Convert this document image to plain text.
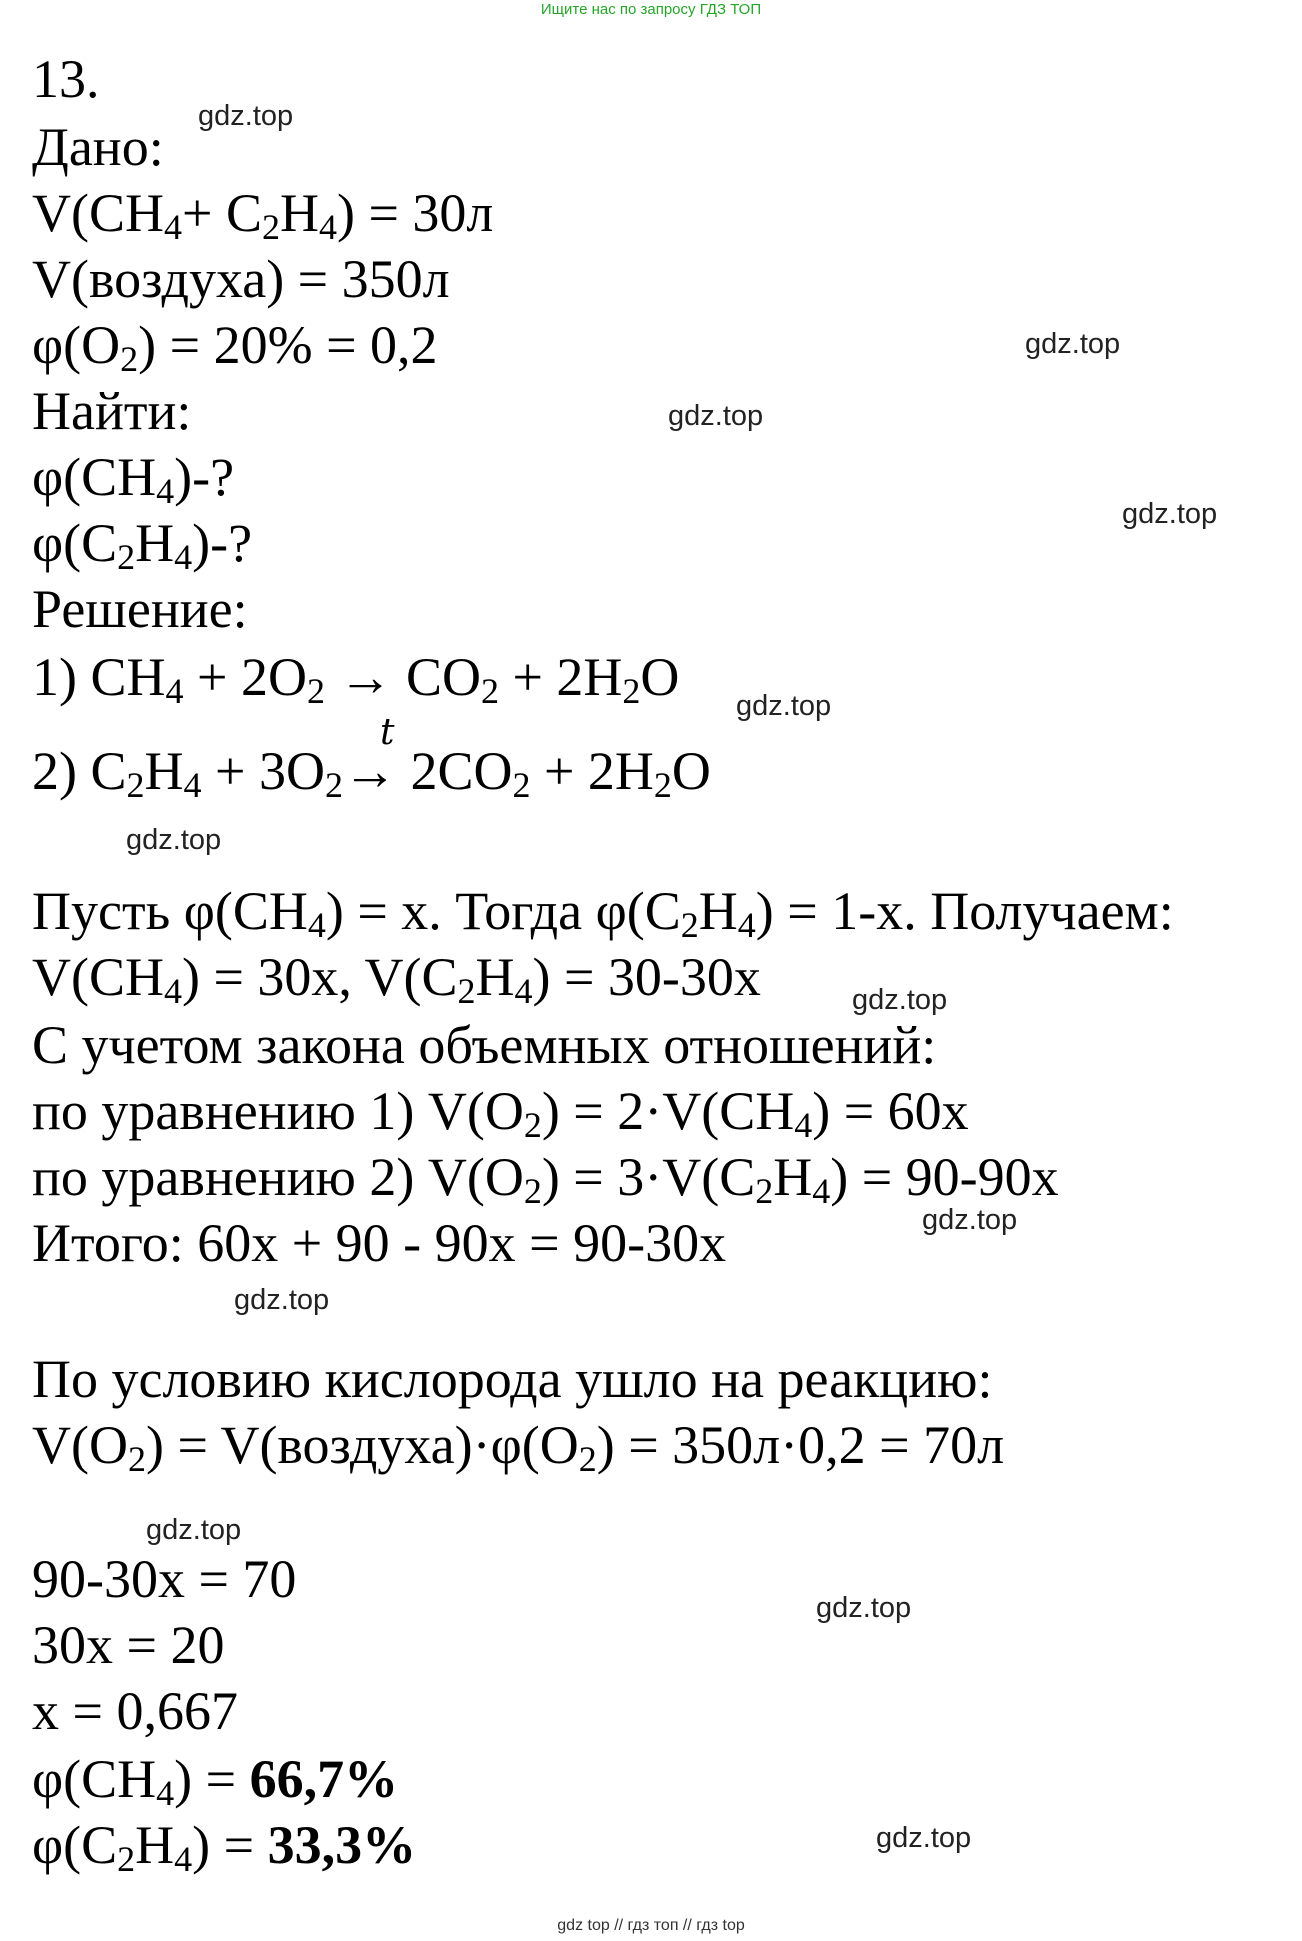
Ищите нас по запросу ГДЗ ТОП
13.
Дано:
$V(CH_4+ C_2H_4) = 30л$
V(воздуха) = 350л
$\varphi(O_2) = 20\% = 0,2$
Найти:
$\varphi(CH_4)-$?
$\varphi(C_2H_4)-$?
Решение:
1) $CH_4 + 2O_2 \to CO_2 + 2H_2O$
t
2) $C_2H_4 + 3O_2\to 2CO_2 + 2H_2O$
Пусть $\varphi(CH_4) = x$. Тогда $\varphi(C_2H_4) = 1-x$. Получаем:
$V(CH_4) = 30x$, $V(C_2H_4) = 30-30x$
С учетом закона объемных отношений:
по уравнению 1) $V(O_2) = 2\cdot V(CH_4) = 60x$
по уравнению 2) $V(O_2) = 3\cdot V(C_2H_4) = 90-90x$
Итого: 60x + 90 - 90x = 90-30x
По условию кислорода ушло на реакцию:
$V(O_2)$ = $V(воздуха)\cdot\varphi(O_2) = 350л\cdot 0,2 = 70л$
90-30x = 70
30x = 20
x = 0,667
$\varphi(CH_4) = 66,7\%$
$\varphi(C_2H_4) = 33,3\%$
gdz.top
gdz.top
gdz.top
gdz.top
gdz.top
gdz.top
gdz.top
gdz.top
gdz.top
gdz.top
gdz.top
gdz.top
gdz top // гдз топ // гдз top
